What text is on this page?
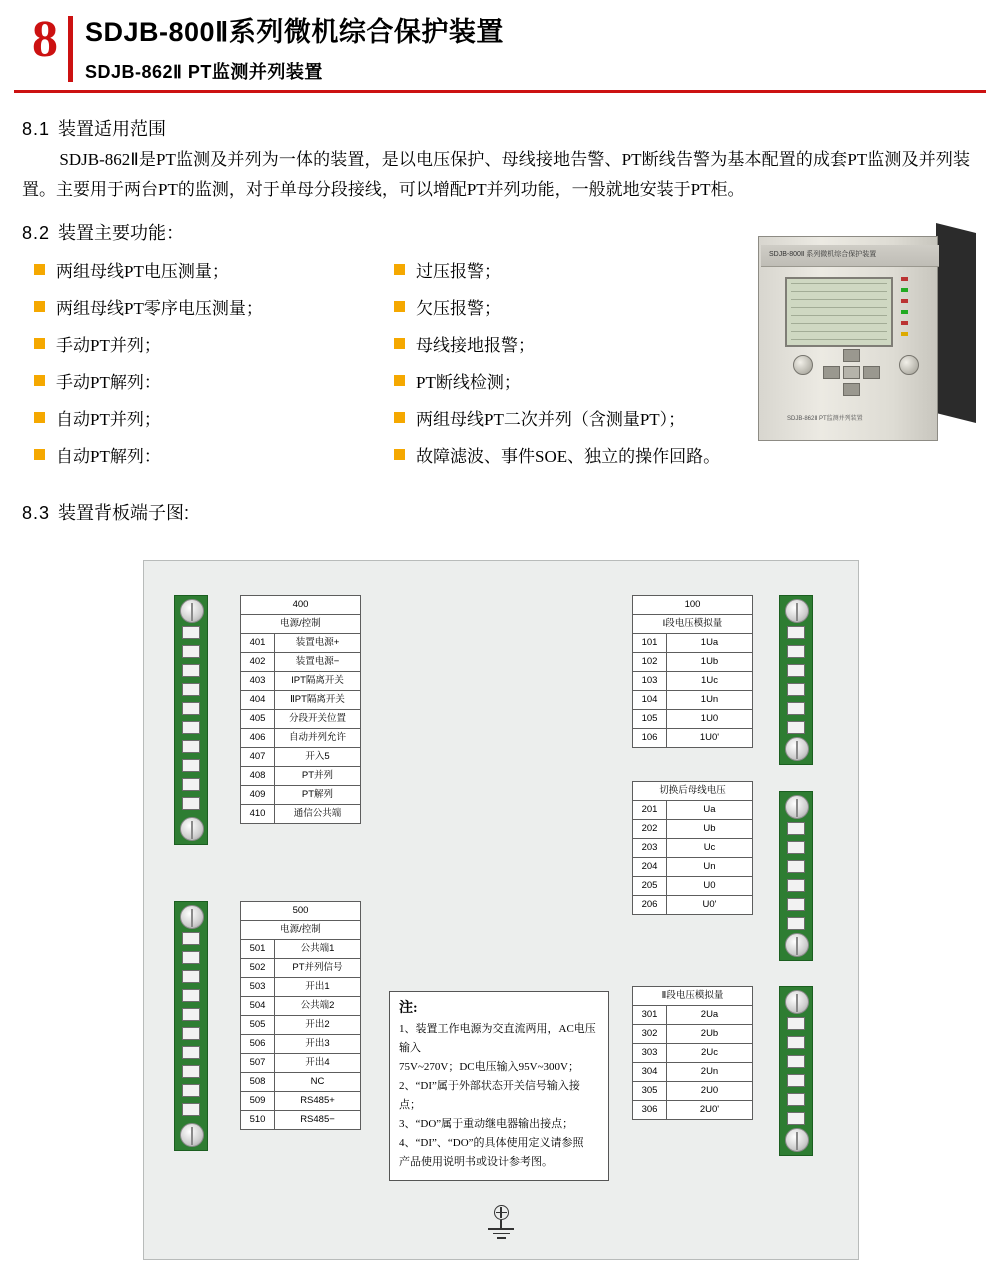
8	SDJB-800Ⅱ系列微机综合保护装置
SDJB-862Ⅱ PT监测并列装置
8.1 装置适用范围
SDJB-862Ⅱ是PT监测及并列为一体的装置，是以电压保护、母线接地告警、PT断线告警为基本配置的成套PT监测及并列装置。主要用于两台PT的监测，对于单母分段接线，可以增配PT并列功能，一般就地安装于PT柜。
8.2 装置主要功能：
两组母线PT电压测量；
两组母线PT零序电压测量；
手动PT并列；
手动PT解列：
自动PT并列；
自动PT解列：
过压报警；
欠压报警；
母线接地报警；
PT断线检测；
两组母线PT二次并列（含测量PT）；
故障滤波、事件SOE、独立的操作回路。
SDJB-800Ⅱ 系列微机综合保护装置
SDJB-862Ⅱ PT监测并列装置
8.3 装置背板端子图:
400	
电源/控制	
401	装置电源+
402	装置电源−
403	IPT隔离开关
404	ⅡPT隔离开关
405	分段开关位置
406	自动并列允许
407	开入5
408	PT并列
409	PT解列
410	通信公共端
500	
电源/控制	
501	公共端1
502	PT并列信号
503	开出1
504	公共端2
505	开出2
506	开出3
507	开出4
508	NC
509	RS485+
510	RS485−
注:
1、装置工作电源为交直流两用，AC电压输入
75V~270V；DC电压输入95V~300V；
2、“DI”属于外部状态开关信号输入接点；
3、“DO”属于重动继电器输出接点；
4、“DI”、“DO”的具体使用定义请参照
产品使用说明书或设计参考图。
100	
I段电压模拟量	
101	1Ua
102	1Ub
103	1Uc
104	1Un
105	1U0
106	1U0'
切换后母线电压	
201	Ua
202	Ub
203	Uc
204	Un
205	U0
206	U0'
Ⅱ段电压模拟量	
301	2Ua
302	2Ub
303	2Uc
304	2Un
305	2U0
306	2U0'
